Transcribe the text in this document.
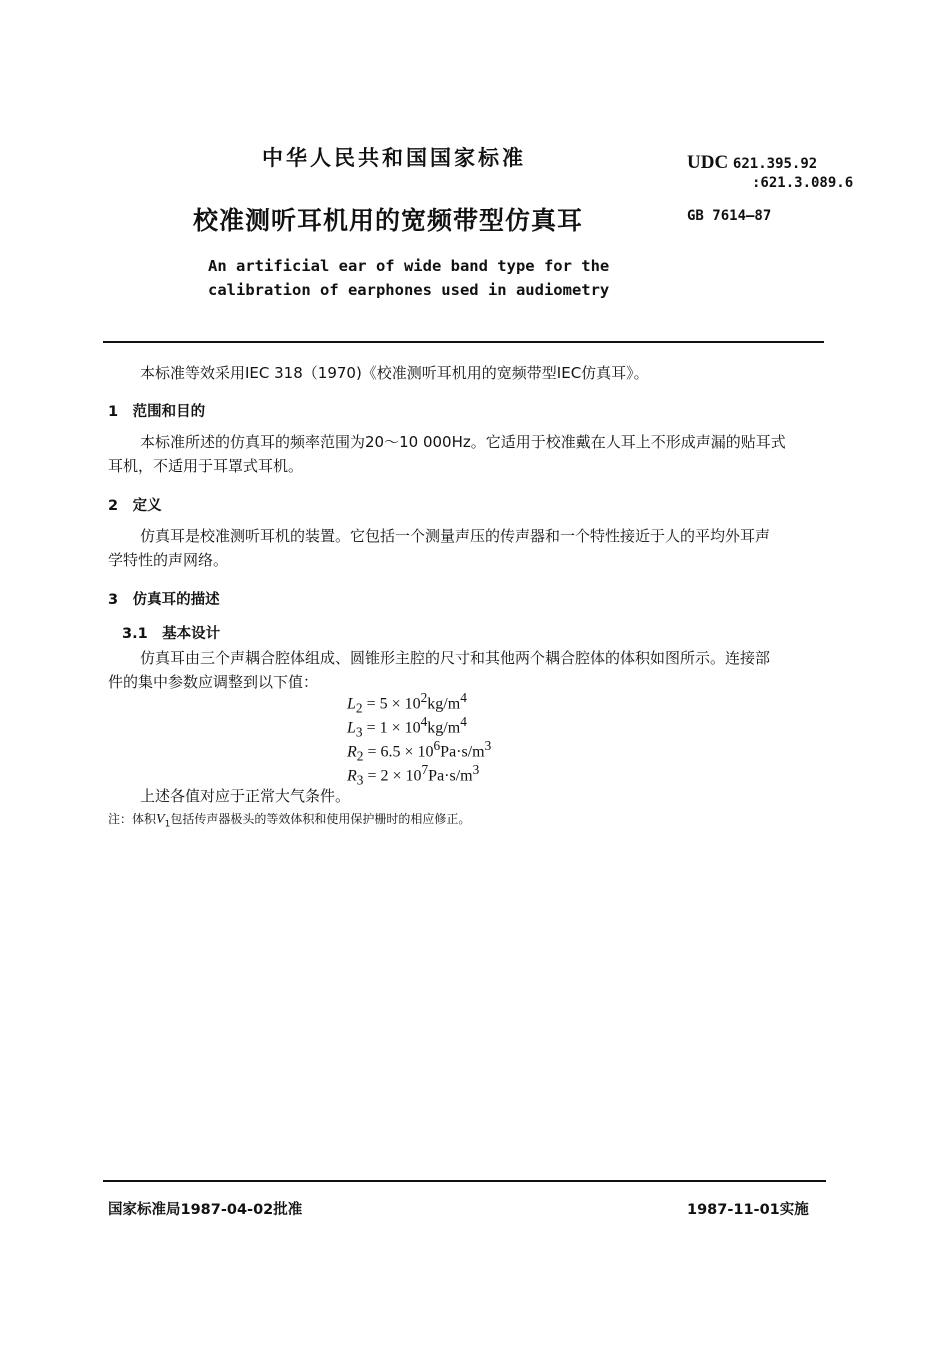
中华人民共和国国家标准	UDC 621.395.92
:621.3.089.6
GB 7614—87
校准测听耳机用的宽频带型仿真耳
An artificial ear of wide band type for the
calibration of earphones used in audiometry
本标准等效采用IEC 318（1970)《校准测听耳机用的宽频带型IEC仿真耳》。
1　范围和目的
本标准所述的仿真耳的频率范围为20～10 000Hz。它适用于校准戴在人耳上不形成声漏的贴耳式
耳机，不适用于耳罩式耳机。
2　定义
仿真耳是校准测听耳机的装置。它包括一个测量声压的传声器和一个特性接近于人的平均外耳声
学特性的声网络。
3　仿真耳的描述
3.1　基本设计
仿真耳由三个声耦合腔体组成、圆锥形主腔的尺寸和其他两个耦合腔体的体积如图所示。连接部
件的集中参数应调整到以下值：
$L_2 = 5 \times 10^2kg/m^4$
$L_3 = 1 \times 10^4kg/m^4$
$R_2 = 6.5 \times 10^6Pa\cdot s/m^3$
$R_3 = 2 \times 10^7Pa\cdot s/m^3$
上述各值对应于正常大气条件。
注：体积$V_1$包括传声器极头的等效体积和使用保护栅时的相应修正。
国家标准局1987-04-02批准	1987-11-01实施
